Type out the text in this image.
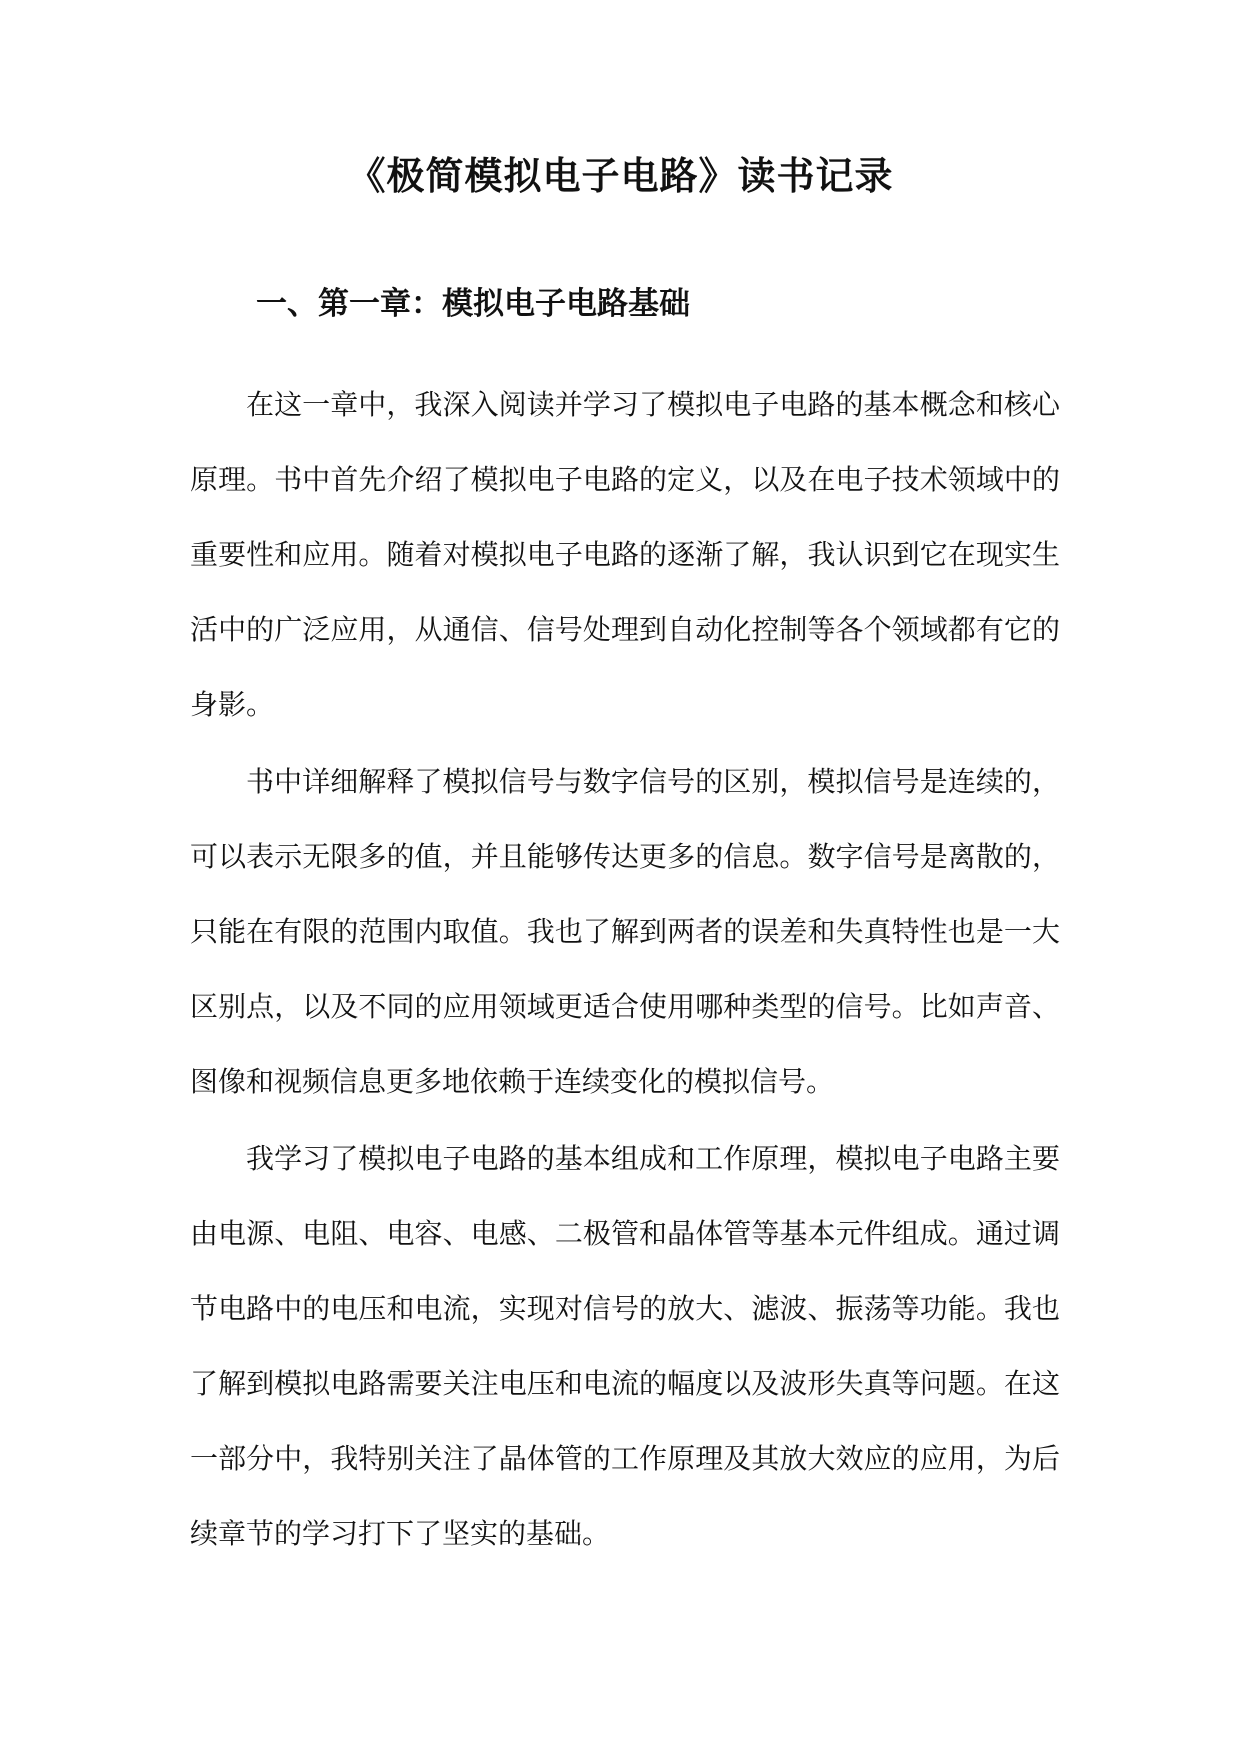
《极简模拟电子电路》读书记录
一、第一章：模拟电子电路基础

在这一章中，我深入阅读并学习了模拟电子电路的基本概念和核心原理。书中首先介绍了模拟电子电路的定义，以及在电子技术领域中的重要性和应用。随着对模拟电子电路的逐渐了解，我认识到它在现实生活中的广泛应用，从通信、信号处理到自动化控制等各个领域都有它的身影。

书中详细解释了模拟信号与数字信号的区别，模拟信号是连续的，可以表示无限多的值，并且能够传达更多的信息。数字信号是离散的，只能在有限的范围内取值。我也了解到两者的误差和失真特性也是一大区别点，以及不同的应用领域更适合使用哪种类型的信号。比如声音、图像和视频信息更多地依赖于连续变化的模拟信号。

我学习了模拟电子电路的基本组成和工作原理，模拟电子电路主要由电源、电阻、电容、电感、二极管和晶体管等基本元件组成。通过调节电路中的电压和电流，实现对信号的放大、滤波、振荡等功能。我也了解到模拟电路需要关注电压和电流的幅度以及波形失真等问题。在这一部分中，我特别关注了晶体管的工作原理及其放大效应的应用，为后续章节的学习打下了坚实的基础。
